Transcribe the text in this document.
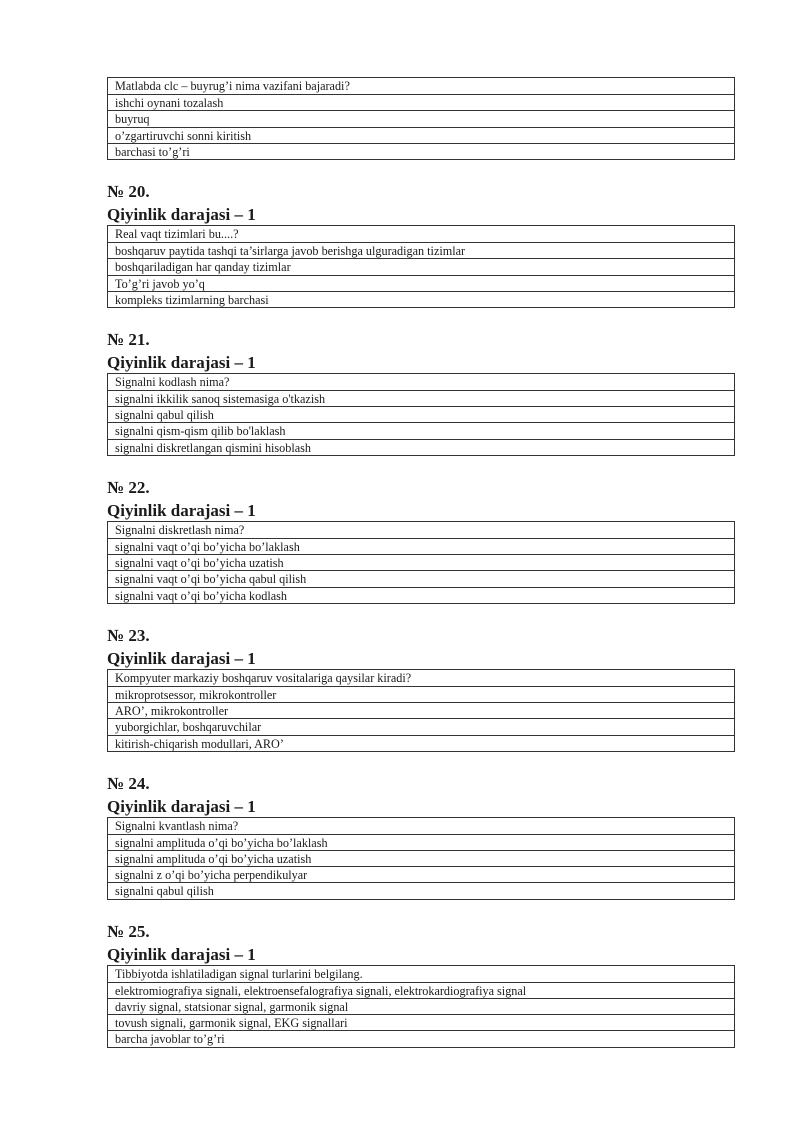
Matlabda clc – buyrug’i nima vazifani bajaradi?
ishchi oynani tozalash
buyruq
o’zgartiruvchi sonni kiritish
barchasi to’g’ri
№ 20.
Qiyinlik darajasi – 1
Real vaqt tizimlari bu....?
boshqaruv paytida tashqi ta’sirlarga javob berishga ulguradigan tizimlar
boshqariladigan har qanday tizimlar
To’g’ri javob yo’q
kompleks tizimlarning barchasi
№ 21.
Qiyinlik darajasi – 1
Signalni kodlash nima?
signalni ikkilik sanoq sistemasiga o'tkazish
signalni qabul qilish
signalni qism-qism qilib bo'laklash
signalni diskretlangan qismini hisoblash
№ 22.
Qiyinlik darajasi – 1
Signalni diskretlash nima?
signalni vaqt o’qi bo’yicha bo’laklash
signalni vaqt o’qi bo’yicha uzatish
signalni vaqt o’qi bo’yicha qabul qilish
signalni vaqt o’qi bo’yicha kodlash
№ 23.
Qiyinlik darajasi – 1
Kompyuter markaziy boshqaruv vositalariga qaysilar kiradi?
mikroprotsessor, mikrokontroller
ARO’, mikrokontroller
yuborgichlar, boshqaruvchilar
kitirish-chiqarish modullari, ARO’
№ 24.
Qiyinlik darajasi – 1
Signalni kvantlash nima?
signalni amplituda o’qi bo’yicha bo’laklash
signalni amplituda o’qi bo’yicha uzatish
signalni z o’qi bo’yicha perpendikulyar
signalni qabul qilish
№ 25.
Qiyinlik darajasi – 1
Tibbiyotda ishlatiladigan signal turlarini belgilang.
elektromiografiya signali, elektroensefalografiya signali, elektrokardiografiya signal
davriy signal, statsionar signal, garmonik signal
tovush signali, garmonik signal, EKG signallari
barcha javoblar to’g’ri
